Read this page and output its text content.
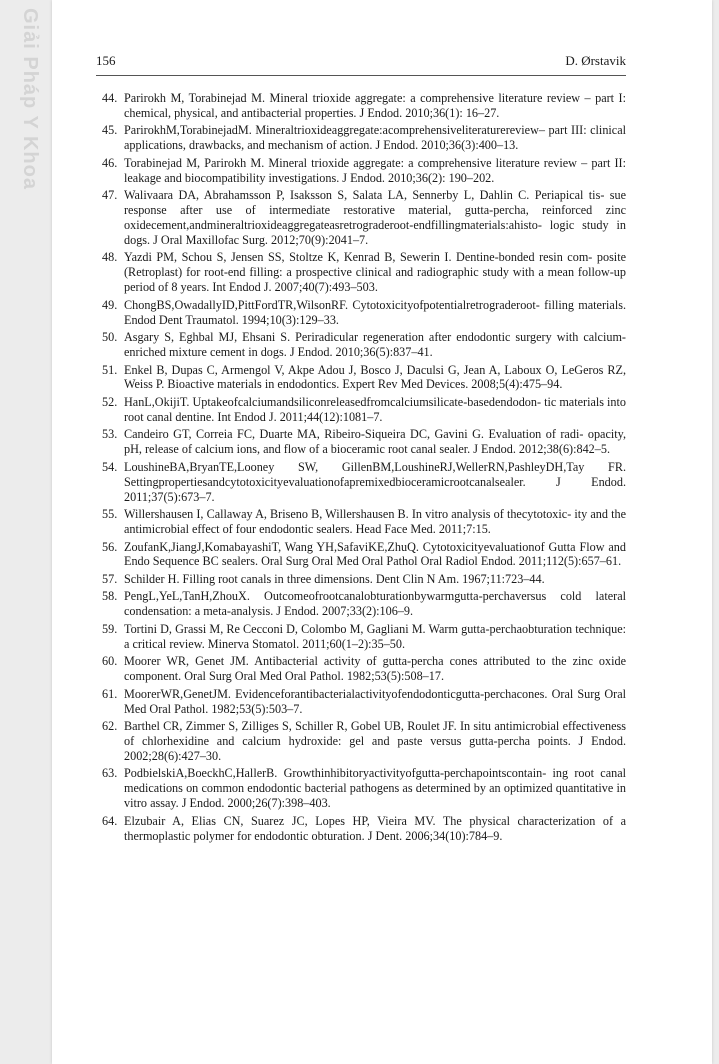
Giải Pháp Y Khoa	156	D. Ørstavik
44. Parirokh M, Torabinejad M. Mineral trioxide aggregate: a comprehensive literature review – part I: chemical, physical, and antibacterial properties. J Endod. 2010;36(1): 16–27.
45. ParirokhM,TorabinejadM. Mineraltrioxideaggregate:acomprehensiveliteraturereview– part III: clinical applications, drawbacks, and mechanism of action. J Endod. 2010;36(3):400–13.
46. Torabinejad M, Parirokh M. Mineral trioxide aggregate: a comprehensive literature review – part II: leakage and biocompatibility investigations. J Endod. 2010;36(2): 190–202.
47. Walivaara DA, Abrahamsson P, Isaksson S, Salata LA, Sennerby L, Dahlin C. Periapical tis- sue response after use of intermediate restorative material, gutta-percha, reinforced zinc oxidecement,andmineraltrioxideaggregateasretrograderoot-endfillingmaterials:ahisto- logic study in dogs. J Oral Maxillofac Surg. 2012;70(9):2041–7.
48. Yazdi PM, Schou S, Jensen SS, Stoltze K, Kenrad B, Sewerin I. Dentine-bonded resin com- posite (Retroplast) for root-end filling: a prospective clinical and radiographic study with a mean follow-up period of 8 years. Int Endod J. 2007;40(7):493–503.
49. ChongBS,OwadallyID,PittFordTR,WilsonRF. Cytotoxicityofpotentialretrograderoot- filling materials. Endod Dent Traumatol. 1994;10(3):129–33.
50. Asgary S, Eghbal MJ, Ehsani S. Periradicular regeneration after endodontic surgery with calcium-enriched mixture cement in dogs. J Endod. 2010;36(5):837–41.
51. Enkel B, Dupas C, Armengol V, Akpe Adou J, Bosco J, Daculsi G, Jean A, Laboux O, LeGeros RZ, Weiss P. Bioactive materials in endodontics. Expert Rev Med Devices. 2008;5(4):475–94.
52. HanL,OkijiT. Uptakeofcalciumandsiliconreleasedfromcalciumsilicate-basedendodon- tic materials into root canal dentine. Int Endod J. 2011;44(12):1081–7.
53. Candeiro GT, Correia FC, Duarte MA, Ribeiro-Siqueira DC, Gavini G. Evaluation of radi- opacity, pH, release of calcium ions, and flow of a bioceramic root canal sealer. J Endod. 2012;38(6):842–5.
54. LoushineBA,BryanTE,Looney SW, GillenBM,LoushineRJ,WellerRN,PashleyDH,Tay FR. Settingpropertiesandcytotoxicityevaluationofapremixedbioceramicrootcanalsealer. J Endod. 2011;37(5):673–7.
55. Willershausen I, Callaway A, Briseno B, Willershausen B. In vitro analysis of thecytotoxic- ity and the antimicrobial effect of four endodontic sealers. Head Face Med. 2011;7:15.
56. ZoufanK,JiangJ,KomabayashiT, Wang YH,SafaviKE,ZhuQ. Cytotoxicityevaluationof Gutta Flow and Endo Sequence BC sealers. Oral Surg Oral Med Oral Pathol Oral Radiol Endod. 2011;112(5):657–61.
57. Schilder H. Filling root canals in three dimensions. Dent Clin N Am. 1967;11:723–44.
58. PengL,YeL,TanH,ZhouX. Outcomeofrootcanalobturationbywarmgutta-perchaversus cold lateral condensation: a meta-analysis. J Endod. 2007;33(2):106–9.
59. Tortini D, Grassi M, Re Cecconi D, Colombo M, Gagliani M. Warm gutta-perchaobturation technique: a critical review. Minerva Stomatol. 2011;60(1–2):35–50.
60. Moorer WR, Genet JM. Antibacterial activity of gutta-percha cones attributed to the zinc oxide component. Oral Surg Oral Med Oral Pathol. 1982;53(5):508–17.
61. MoorerWR,GenetJM. Evidenceforantibacterialactivityofendodonticgutta-perchacones. Oral Surg Oral Med Oral Pathol. 1982;53(5):503–7.
62. Barthel CR, Zimmer S, Zilliges S, Schiller R, Gobel UB, Roulet JF. In situ antimicrobial effectiveness of chlorhexidine and calcium hydroxide: gel and paste versus gutta-percha points. J Endod. 2002;28(6):427–30.
63. PodbielskiA,BoeckhC,HallerB. Growthinhibitoryactivityofgutta-perchapointscontain- ing root canal medications on common endodontic bacterial pathogens as determined by an optimized quantitative in vitro assay. J Endod. 2000;26(7):398–403.
64. Elzubair A, Elias CN, Suarez JC, Lopes HP, Vieira MV. The physical characterization of a thermoplastic polymer for endodontic obturation. J Dent. 2006;34(10):784–9.
